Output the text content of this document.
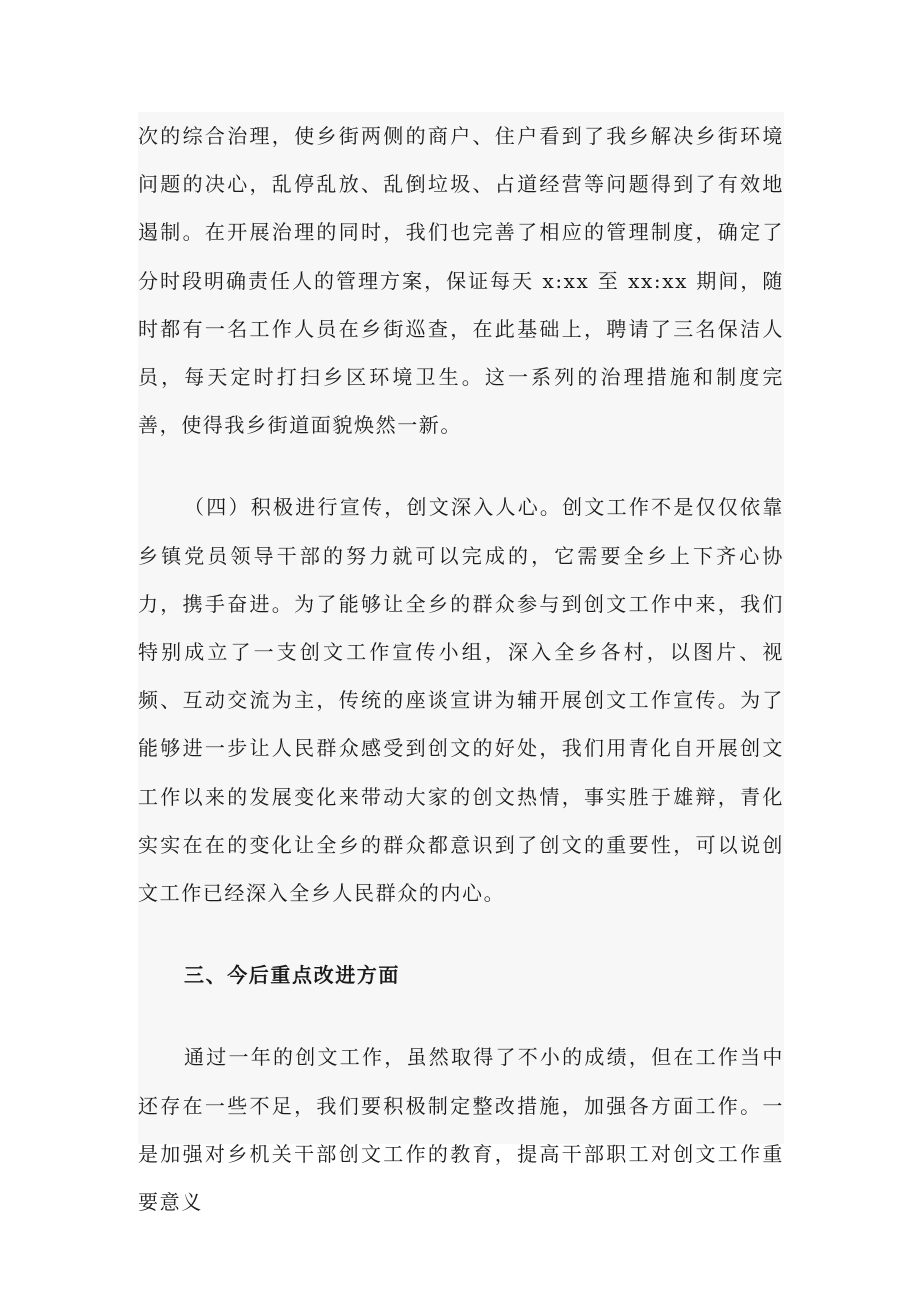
次的综合治理，使乡街两侧的商户、住户看到了我乡解决乡街环境问题的决心，乱停乱放、乱倒垃圾、占道经营等问题得到了有效地遏制。在开展治理的同时，我们也完善了相应的管理制度，确定了分时段明确责任人的管理方案，保证每天 x:xx 至 xx:xx 期间，随时都有一名工作人员在乡街巡查，在此基础上，聘请了三名保洁人员，每天定时打扫乡区环境卫生。这一系列的治理措施和制度完善，使得我乡街道面貌焕然一新。

（四）积极进行宣传，创文深入人心。创文工作不是仅仅依靠乡镇党员领导干部的努力就可以完成的，它需要全乡上下齐心协力，携手奋进。为了能够让全乡的群众参与到创文工作中来，我们特别成立了一支创文工作宣传小组，深入全乡各村，以图片、视频、互动交流为主，传统的座谈宣讲为辅开展创文工作宣传。为了能够进一步让人民群众感受到创文的好处，我们用青化自开展创文工作以来的发展变化来带动大家的创文热情，事实胜于雄辩，青化实实在在的变化让全乡的群众都意识到了创文的重要性，可以说创文工作已经深入全乡人民群众的内心。

三、今后重点改进方面

通过一年的创文工作，虽然取得了不小的成绩，但在工作当中还存在一些不足，我们要积极制定整改措施，加强各方面工作。一是加强对乡机关干部创文工作的教育，提高干部职工对创文工作重要意义
